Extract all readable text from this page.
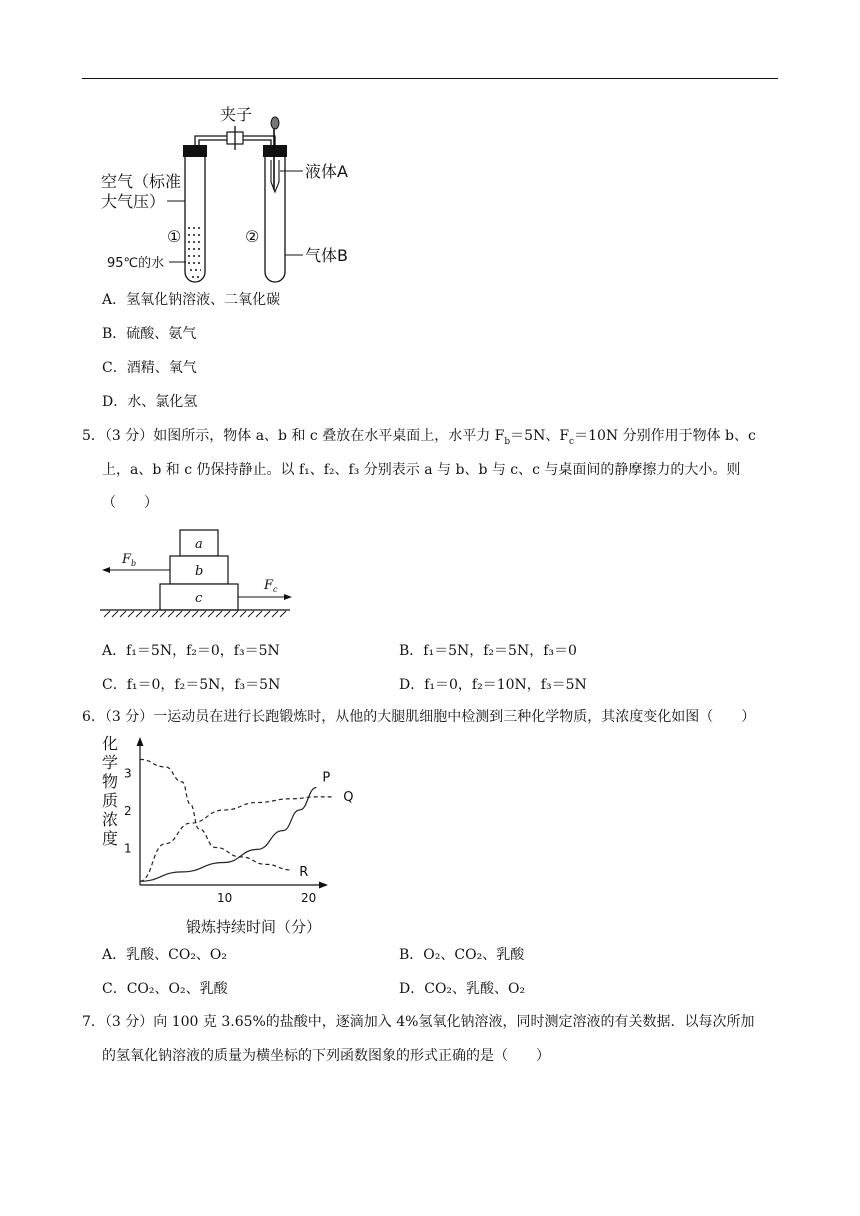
夹子
①
空气（标准
大气压）
95℃的水
②
液体A
气体B
A．氢氧化钠溶液、二氧化碳
B．硫酸、氨气
C．酒精、氧气
D．水、氯化氢
5．（3 分）如图所示，物体 a、b 和 c 叠放在水平桌面上，水平力 $F_b=5N$、$F_c=10N$ 分别作用于物体 b、c
上，a、b 和 c 仍保持静止。以 f₁、f₂、f₃ 分别表示 a 与 b、b 与 c、c 与桌面间的静摩擦力的大小。则
（　　）
a
b
c
$F_b$
$F_c$
A．f₁＝5N，f₂＝0，f₃＝5N	B．f₁＝5N，f₂＝5N，f₃＝0
C．f₁＝0，f₂＝5N，f₃＝5N	D．f₁＝0，f₂＝10N，f₃＝5N
6．（3 分）一运动员在进行长跑锻炼时，从他的大腿肌细胞中检测到三种化学物质，其浓度变化如图（　　）
化
学
物
质
浓
度
1
2
3
10	20
P
Q
R
锻炼持续时间（分）
A．乳酸、CO₂、O₂	B．O₂、CO₂、乳酸
C．CO₂、O₂、乳酸	D．CO₂、乳酸、O₂
7．（3 分）向 100 克 3.65%的盐酸中，逐滴加入 4%氢氧化钠溶液，同时测定溶液的有关数据．以每次所加
的氢氧化钠溶液的质量为横坐标的下列函数图象的形式正确的是（　　）
